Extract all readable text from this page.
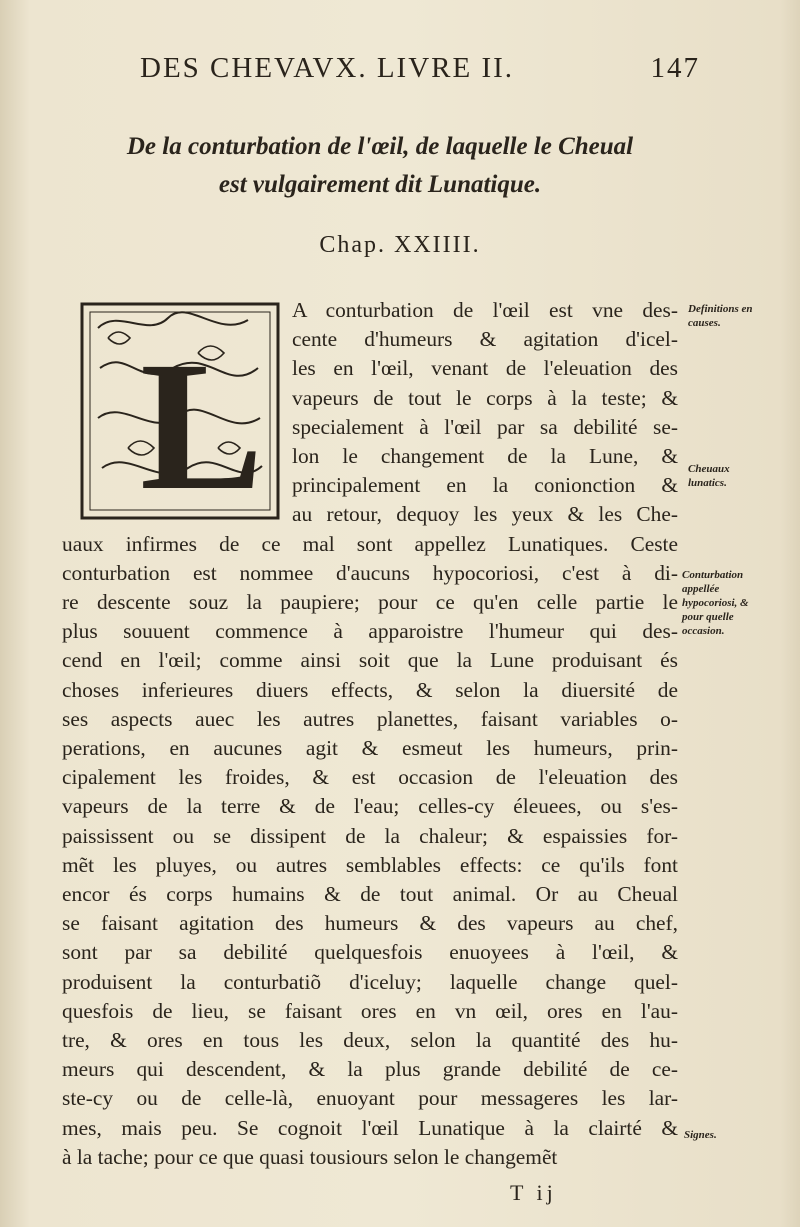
DES CHEVAVX. LIVRE II.	147
De la conturbation de l'œil, de laquelle le Cheual
est vulgairement dit Lunatique.
Chap. XXIIII.
L
A conturbation de l'œil est vne des-
cente d'humeurs & agitation d'icel-
les en l'œil, venant de l'eleuation des
vapeurs de tout le corps à la teste; &
specialement à l'œil par sa debilité se-
lon le changement de la Lune, &
principalement en la conionction &
au retour, dequoy les yeux & les Che-
uaux infirmes de ce mal sont appellez Lunatiques. Ceste
conturbation est nommee d'aucuns hypocoriosi, c'est à di-
re descente souz la paupiere; pour ce qu'en celle partie le
plus souuent commence à apparoistre l'humeur qui des-
cend en l'œil; comme ainsi soit que la Lune produisant és
choses inferieures diuers effects, & selon la diuersité de
ses aspects auec les autres planettes, faisant variables o-
perations, en aucunes agit & esmeut les humeurs, prin-
cipalement les froides, & est occasion de l'eleuation des
vapeurs de la terre & de l'eau; celles-cy éleuees, ou s'es-
paississent ou se dissipent de la chaleur; & espaissies for-
mẽt les pluyes, ou autres semblables effects: ce qu'ils font
encor és corps humains & de tout animal. Or au Cheual
se faisant agitation des humeurs & des vapeurs au chef,
sont par sa debilité quelquesfois enuoyees à l'œil, &
produisent la conturbatiõ d'iceluy; laquelle change quel-
quesfois de lieu, se faisant ores en vn œil, ores en l'au-
tre, & ores en tous les deux, selon la quantité des hu-
meurs qui descendent, & la plus grande debilité de ce-
ste-cy ou de celle-là, enuoyant pour messageres les lar-
mes, mais peu. Se cognoit l'œil Lunatique à la clairté &
à la tache; pour ce que quasi tousiours selon le changemẽt
Definitions en causes.
Cheuaux lunatics.
Conturbation appellée hypocoriosi, & pour quelle occasion.
Signes.
T ij
